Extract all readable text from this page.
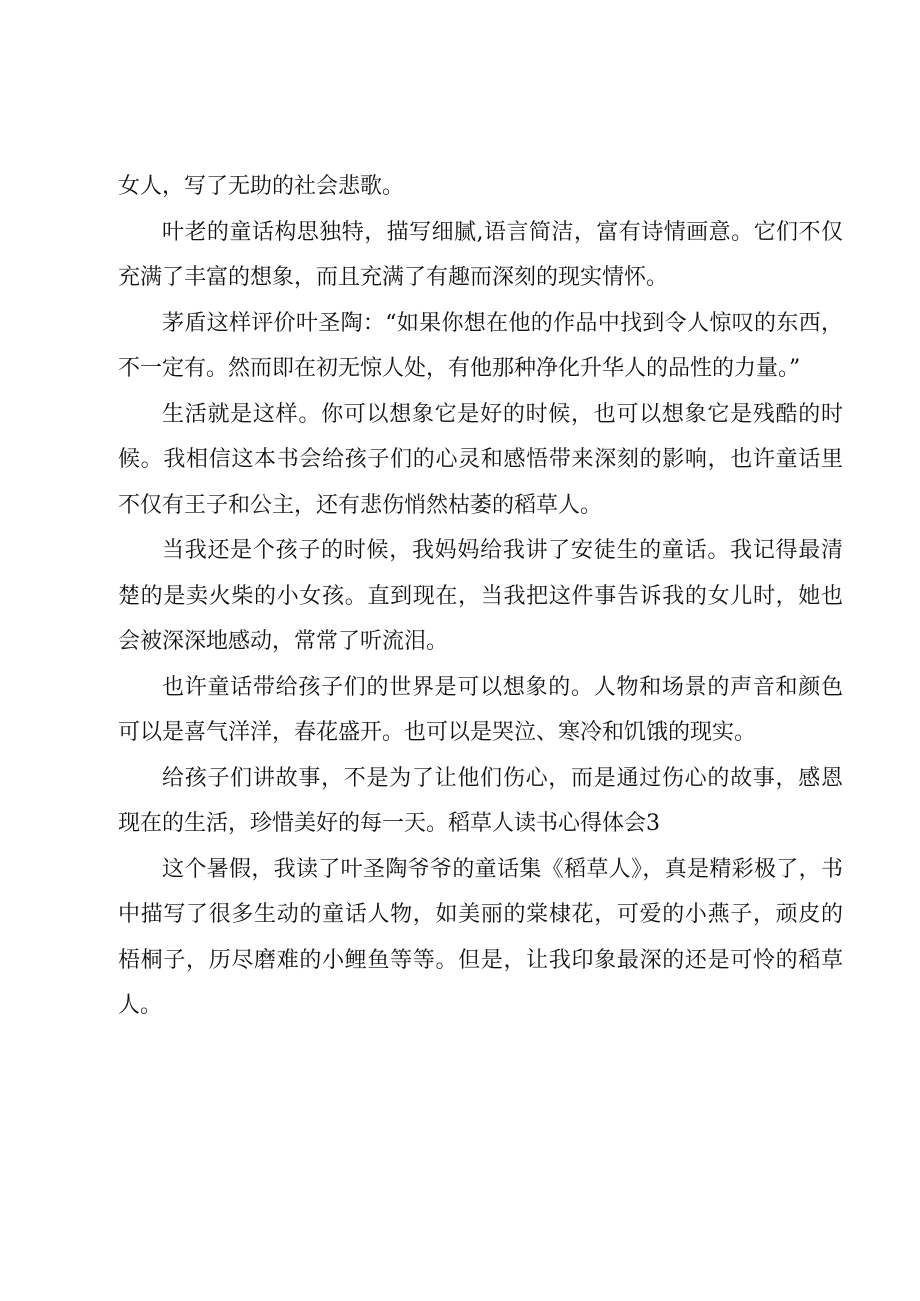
女人，写了无助的社会悲歌。

叶老的童话构思独特，描写细腻,语言简洁，富有诗情画意。它们不仅充满了丰富的想象，而且充满了有趣而深刻的现实情怀。

茅盾这样评价叶圣陶：“如果你想在他的作品中找到令人惊叹的东西，不一定有。然而即在初无惊人处，有他那种净化升华人的品性的力量。”

生活就是这样。你可以想象它是好的时候，也可以想象它是残酷的时候。我相信这本书会给孩子们的心灵和感悟带来深刻的影响，也许童话里不仅有王子和公主，还有悲伤悄然枯萎的稻草人。

当我还是个孩子的时候，我妈妈给我讲了安徒生的童话。我记得最清楚的是卖火柴的小女孩。直到现在，当我把这件事告诉我的女儿时，她也会被深深地感动，常常了听流泪。

也许童话带给孩子们的世界是可以想象的。人物和场景的声音和颜色可以是喜气洋洋，春花盛开。也可以是哭泣、寒冷和饥饿的现实。

给孩子们讲故事，不是为了让他们伤心，而是通过伤心的故事，感恩现在的生活，珍惜美好的每一天。稻草人读书心得体会3

这个暑假，我读了叶圣陶爷爷的童话集《稻草人》，真是精彩极了，书中描写了很多生动的童话人物，如美丽的棠棣花，可爱的小燕子，顽皮的梧桐子，历尽磨难的小鲤鱼等等。但是，让我印象最深的还是可怜的稻草人。
